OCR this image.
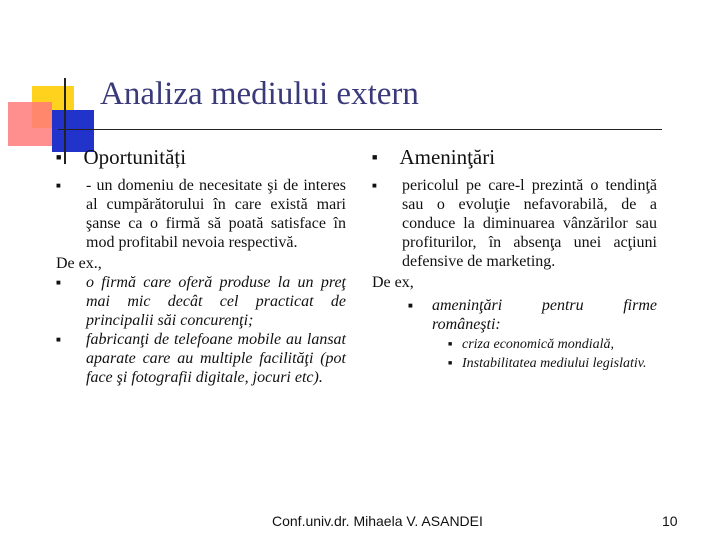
Analiza mediului extern
■ Oportunități
■	- un domeniu de necesitate şi de interes al cumpărătorului în care există mari şanse ca o firmă să poată satisface în mod profitabil nevoia respectivă.

De ex.,

■	o firmă care oferă produse la un preţ mai mic decât cel practicat de principalii săi concurenţi;
■	fabricanţi de telefoane mobile au lansat aparate care au multiple facilităţi (pot face şi fotografii digitale, jocuri etc).
■ Ameninţări
■	pericolul pe care-l prezintă o tendinţă sau o evoluţie nefavorabilă, de a conduce la diminuarea vânzărilor sau profiturilor, în absenţa unei acţiuni defensive de marketing.

De ex,

■	ameninţări pentru firme româneşti:
■ criza economică mondială,
■ Instabilitatea mediului legislativ.
Conf.univ.dr. Mihaela V. ASANDEI	10
